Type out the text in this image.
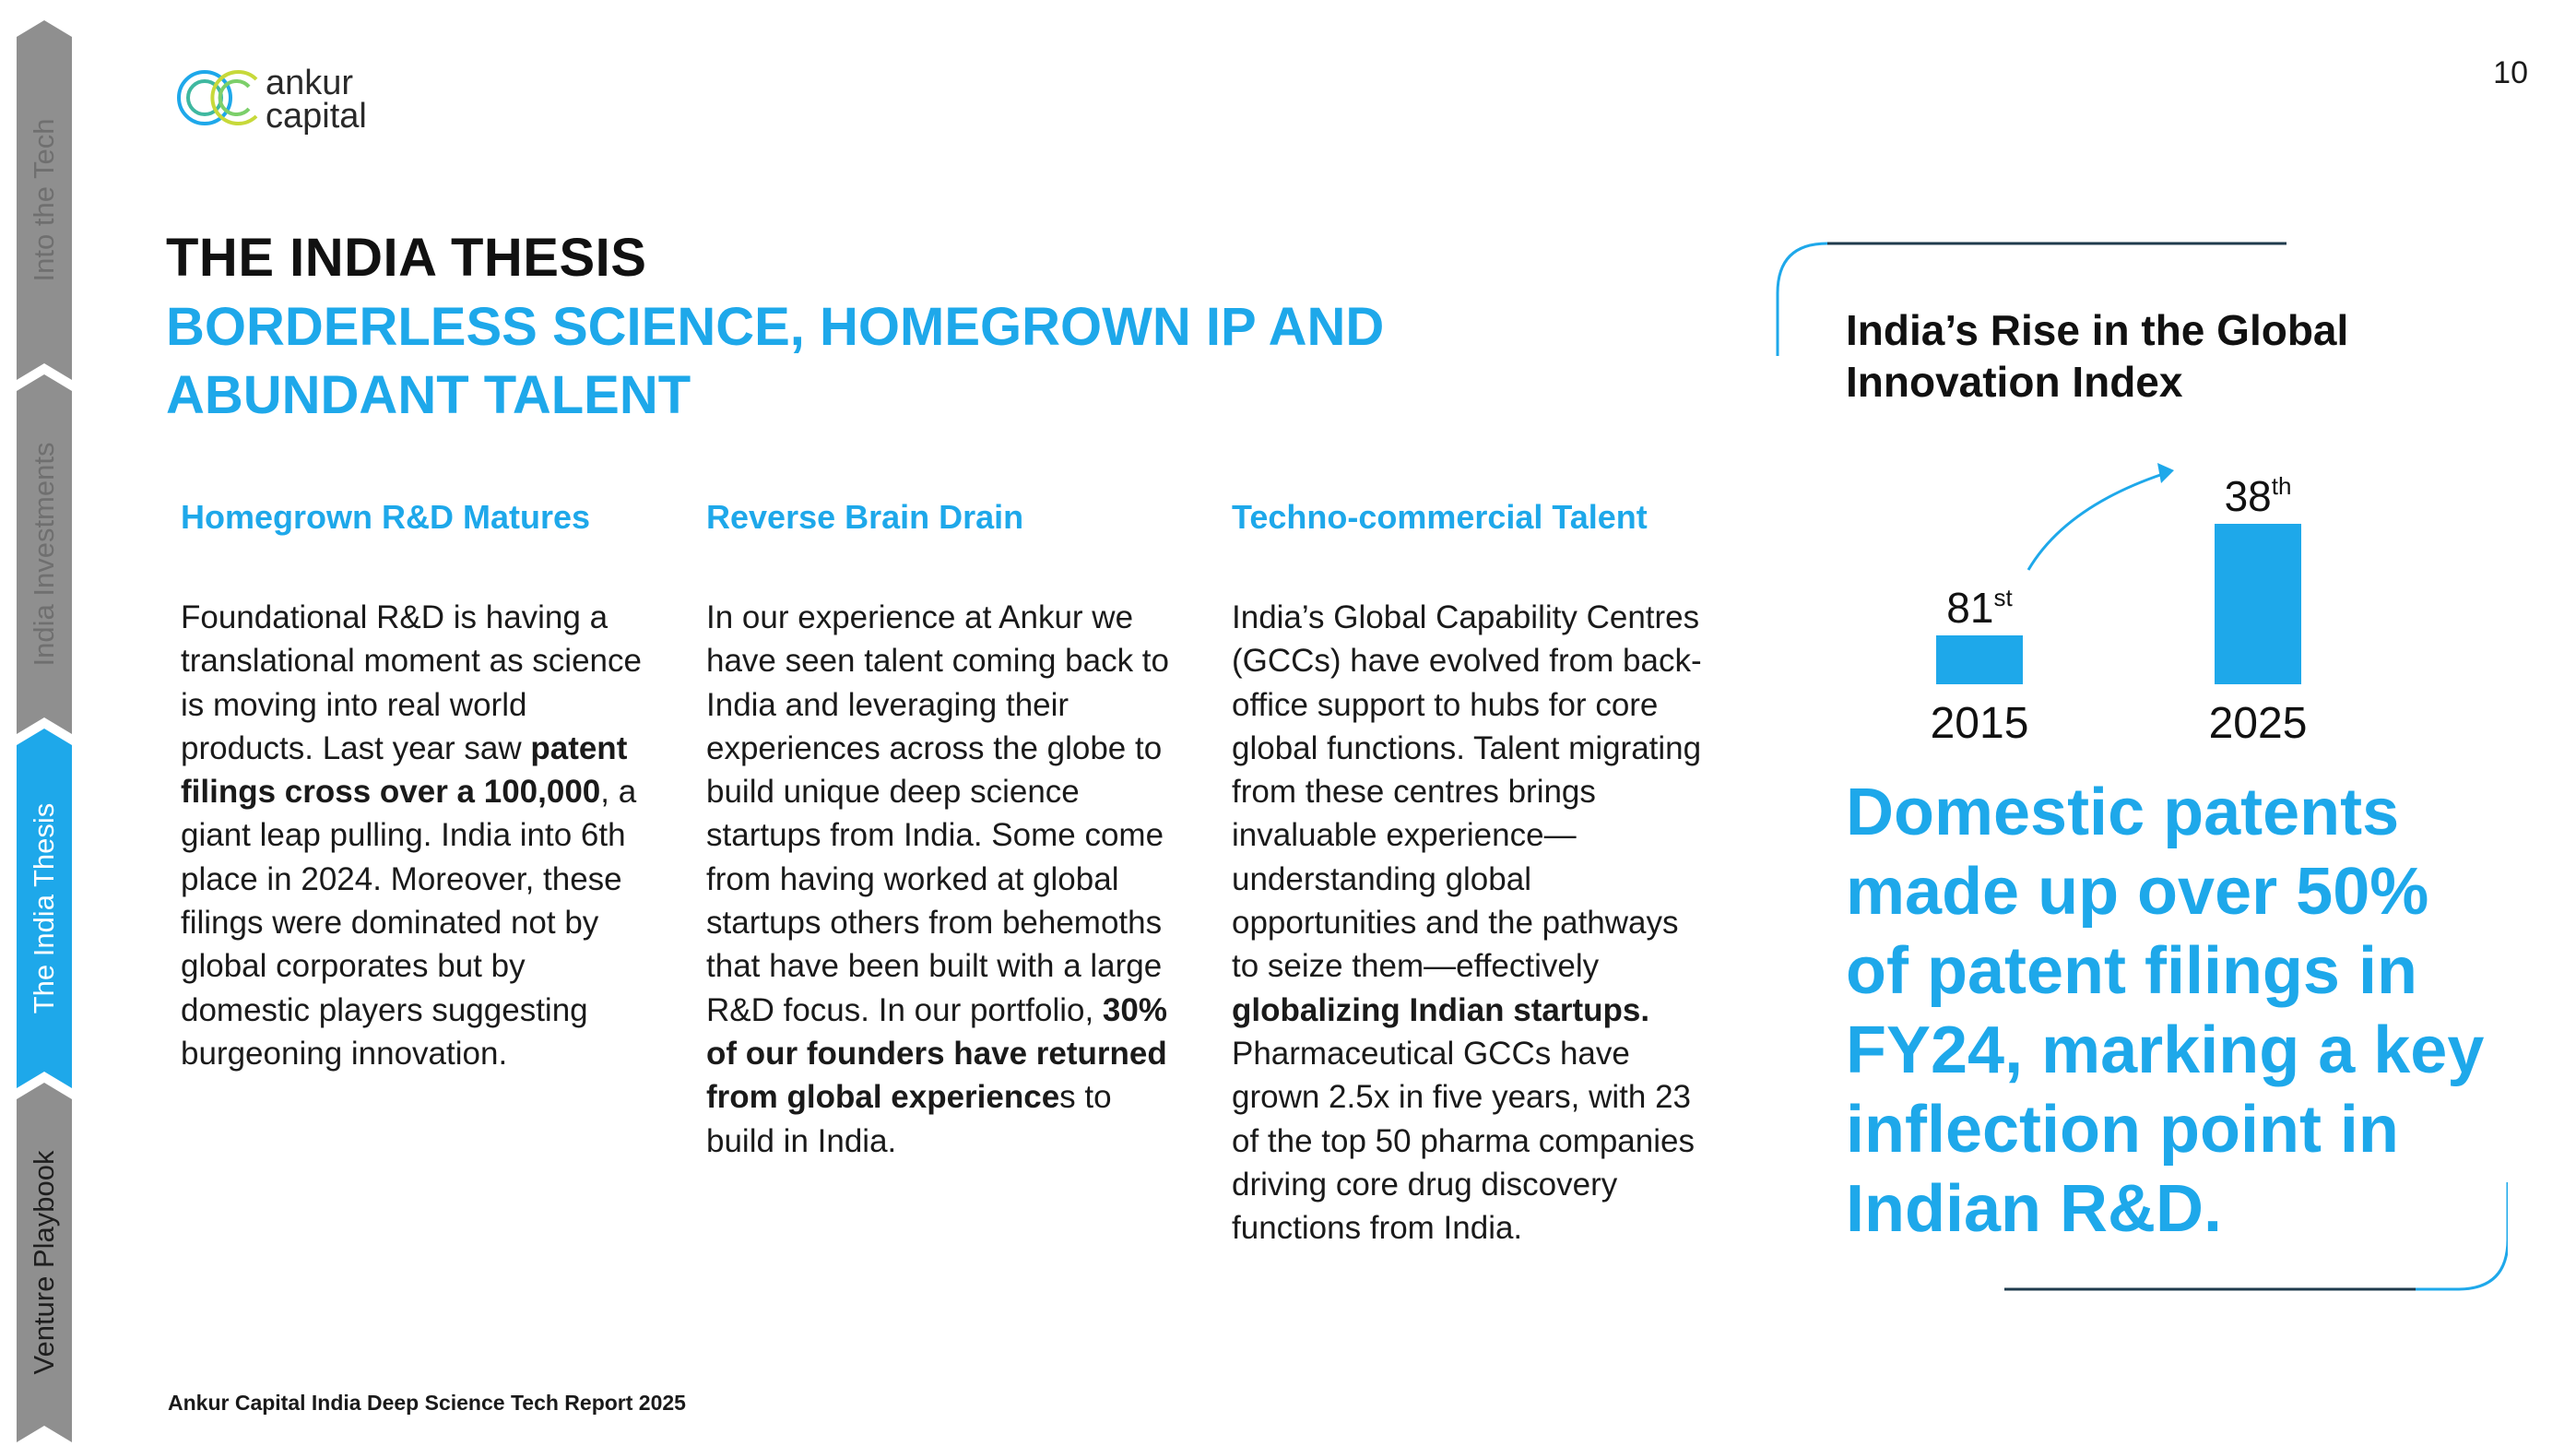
Into the Tech
India Investments
The India Thesis
Venture Playbook
ankur
capital
10
THE INDIA THESIS
BORDERLESS SCIENCE, HOMEGROWN IP AND ABUNDANT TALENT
Homegrown R&D Matures

Foundational R&D is having a translational moment as science is moving into real world products. Last year saw patent filings cross over a 100,000, a giant leap pulling. India into 6th place in 2024. Moreover, these filings were dominated not by global corporates but by domestic players suggesting burgeoning innovation.

Reverse Brain Drain

In our experience at Ankur we have seen talent coming back to India and leveraging their experiences across the globe to build unique deep science startups from India. Some come from having worked at global startups others from behemoths that have been built with a large R&D focus. In our portfolio, 30% of our founders have returned from global experiences to build in India.

Techno-commercial Talent

India’s Global Capability Centres (GCCs) have evolved from back-office support to hubs for core global functions. Talent migrating from these centres brings invaluable experience—understanding global opportunities and the pathways to seize them—effectively globalizing Indian startups. Pharmaceutical GCCs have grown 2.5x in five years, with 23 of the top 50 pharma companies driving core drug discovery functions from India.

India’s Rise in the Global Innovation Index
81st
2015
38th
2025
Domestic patents made up over 50% of patent filings in FY24, marking a key inflection point in Indian R&D.
Ankur Capital India Deep Science Tech Report 2025
